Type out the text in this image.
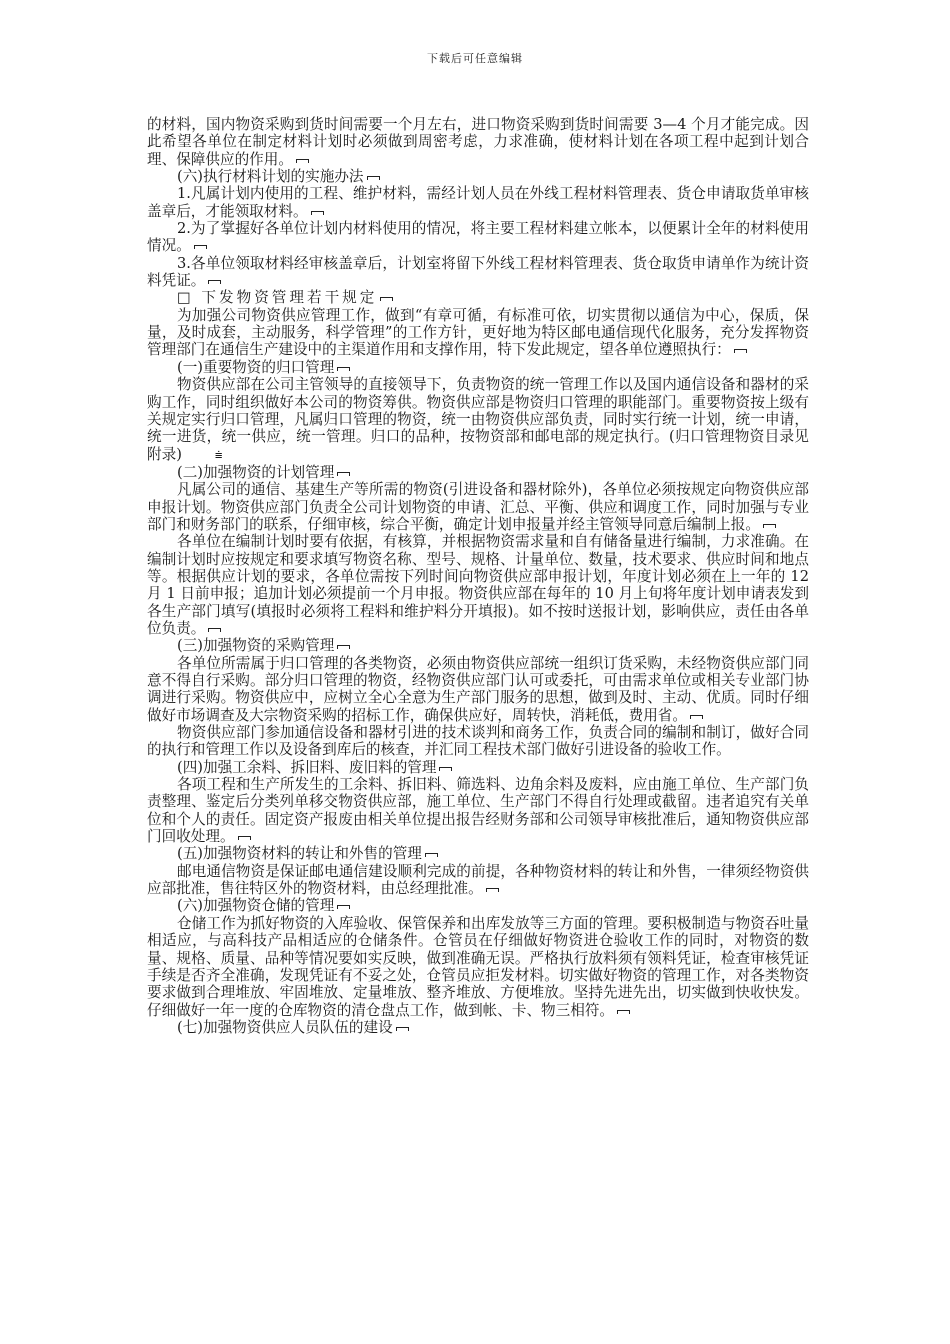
下载后可任意编辑

的材料，国内物资采购到货时间需要一个月左右，进口物资采购到货时间需要 3—4 个月才能完成。因此希望各单位在制定材料计划时必须做到周密考虑，力求准确，使材料计划在各项工程中起到计划合理、保障供应的作用。

(六)执行材料计划的实施办法

1.凡属计划内使用的工程、维护材料，需经计划人员在外线工程材料管理表、货仓申请取货单审核盖章后，才能领取材料。

2.为了掌握好各单位计划内材料使用的情况，将主要工程材料建立帐本，以便累计全年的材料使用情况。

3.各单位领取材料经审核盖章后，计划室将留下外线工程材料管理表、货仓取货申请单作为统计资料凭证。

□ 下发物资管理若干规定

为加强公司物资供应管理工作，做到“有章可循，有标准可依，切实贯彻以通信为中心，保质，保量，及时成套，主动服务，科学管理”的工作方针，更好地为特区邮电通信现代化服务，充分发挥物资管理部门在通信生产建设中的主渠道作用和支撑作用，特下发此规定，望各单位遵照执行：

(一)重要物资的归口管理

物资供应部在公司主管领导的直接领导下，负责物资的统一管理工作以及国内通信设备和器材的采购工作，同时组织做好本公司的物资筹供。物资供应部是物资归口管理的职能部门。重要物资按上级有关规定实行归口管理，凡属归口管理的物资，统一由物资供应部负责，同时实行统一计划，统一申请，统一进货，统一供应，统一管理。归口的品种，按物资部和邮电部的规定执行。(归口管理物资目录见附录)	⩧

(二)加强物资的计划管理

凡属公司的通信、基建生产等所需的物资(引进设备和器材除外)，各单位必须按规定向物资供应部申报计划。物资供应部门负责全公司计划物资的申请、汇总、平衡、供应和调度工作，同时加强与专业部门和财务部门的联系，仔细审核，综合平衡，确定计划申报量并经主管领导同意后编制上报。

各单位在编制计划时要有依据，有核算，并根据物资需求量和自有储备量进行编制，力求准确。在编制计划时应按规定和要求填写物资名称、型号、规格、计量单位、数量，技术要求、供应时间和地点等。根据供应计划的要求，各单位需按下列时间向物资供应部申报计划，年度计划必须在上一年的 12 月 1 日前申报；追加计划必须提前一个月申报。物资供应部在每年的 10 月上旬将年度计划申请表发到各生产部门填写(填报时必须将工程料和维护料分开填报)。如不按时送报计划，影响供应，责任由各单位负责。

(三)加强物资的采购管理

各单位所需属于归口管理的各类物资，必须由物资供应部统一组织订货采购，未经物资供应部门同意不得自行采购。部分归口管理的物资，经物资供应部门认可或委托，可由需求单位或相关专业部门协调进行采购。物资供应中，应树立全心全意为生产部门服务的思想，做到及时、主动、优质。同时仔细做好市场调查及大宗物资采购的招标工作，确保供应好，周转快，消耗低，费用省。

物资供应部门参加通信设备和器材引进的技术谈判和商务工作，负责合同的编制和制订，做好合同的执行和管理工作以及设备到库后的核查，并汇同工程技术部门做好引进设备的验收工作。

(四)加强工余料、拆旧料、废旧料的管理

各项工程和生产所发生的工余料、拆旧料、筛选料、边角余料及废料，应由施工单位、生产部门负责整理、鉴定后分类列单移交物资供应部，施工单位、生产部门不得自行处理或截留。违者追究有关单位和个人的责任。固定资产报废由相关单位提出报告经财务部和公司领导审核批准后，通知物资供应部门回收处理。

(五)加强物资材料的转让和外售的管理

邮电通信物资是保证邮电通信建设顺利完成的前提，各种物资材料的转让和外售，一律须经物资供应部批准，售往特区外的物资材料，由总经理批准。

(六)加强物资仓储的管理

仓储工作为抓好物资的入库验收、保管保养和出库发放等三方面的管理。要积极制造与物资吞吐量相适应，与高科技产品相适应的仓储条件。仓管员在仔细做好物资进仓验收工作的同时，对物资的数量、规格、质量、品种等情况要如实反映，做到准确无误。严格执行放料须有领料凭证，检查审核凭证手续是否齐全准确，发现凭证有不妥之处，仓管员应拒发材料。切实做好物资的管理工作，对各类物资要求做到合理堆放、牢固堆放、定量堆放、整齐堆放、方便堆放。坚持先进先出，切实做到快收快发。仔细做好一年一度的仓库物资的清仓盘点工作，做到帐、卡、物三相符。

(七)加强物资供应人员队伍的建设
